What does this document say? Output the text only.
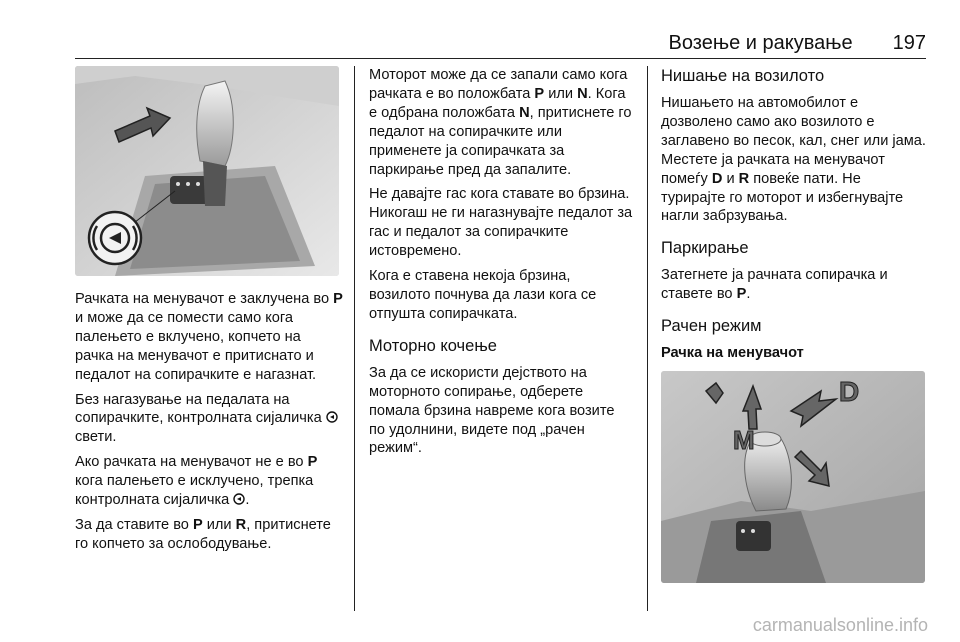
Возење и ракување 197

Рачката на менувачот е заклучена во P и може да се помести само кога палењето е вклучено, копчето на рачка на менувачот е притиснато и педалот на сопирачките е нагазнат.

Без нагазување на педалата на сопирачките, контролната сијаличка  свети.

Ако рачката на менувачот не е во P кога палењето е исклучено, трепка контролната сијаличка .

За да ставите во P или R, притиснете го копчето за ослободување.

Моторот може да се запали само кога рачката е во положбата P или N. Кога е одбрана положбата N, притиснете го педалот на сопирачките или применете ја сопирачката за паркирање пред да запалите.

Не давајте гас кога ставате во брзина. Никогаш не ги нагазнувајте педалот за гас и педалот за сопирачките истовремено.

Кога е ставена некоја брзина, возилото почнува да лази кога се отпушта сопирачката.

Моторно кочење

За да се искористи дејството на моторното сопирање, одберете помала брзина навреме кога возите по удолнини, видете под „рачен режим“.

Нишање на возилото

Нишањето на автомобилот е дозволено само ако возилото е заглавено во песок, кал, снег или јама. Местете ја рачката на менувачот помеѓу D и R повеќе пати. Не турирајте го моторот и избегнувајте нагли забрзувања.

Паркирање

Затегнете ја рачната сопирачка и ставете во P.

Рачен режим
Рачка на менувачот
D
M
carmanualsonline.info
